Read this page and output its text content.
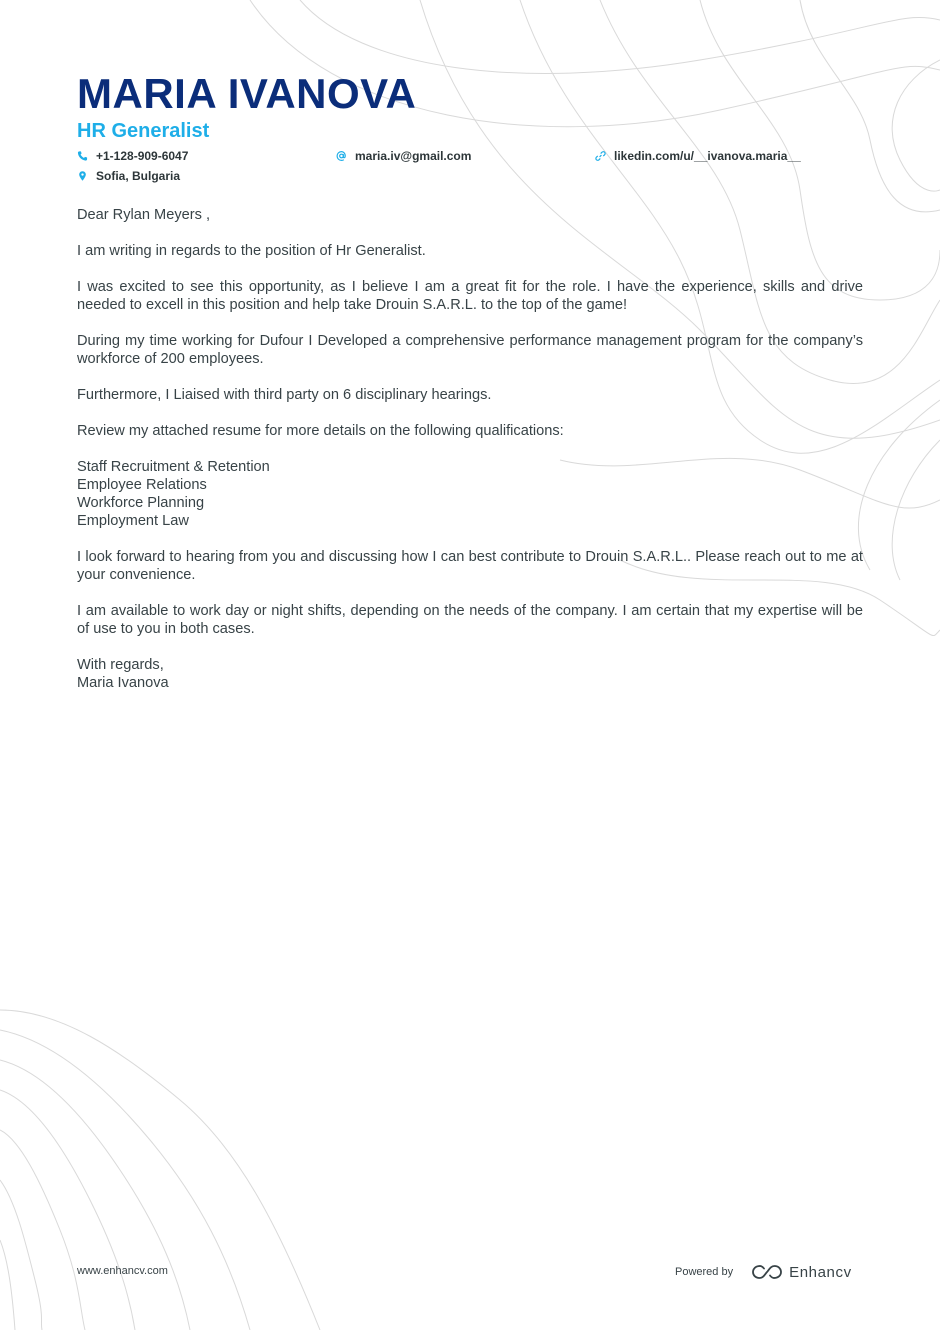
MARIA IVANOVA
HR Generalist
+1-128-909-6047
Sofia, Bulgaria
maria.iv@gmail.com	likedin.com/u/__ivanova.maria__

Dear Rylan Meyers ,

I am writing in regards to the position of Hr Generalist.

I was excited to see this opportunity, as I believe I am a great fit for the role. I have the experience, skills and drive needed to excell in this position and help take Drouin S.A.R.L. to the top of the game!

During my time working for Dufour I Developed a comprehensive performance management program for the company’s workforce of 200 employees.

Furthermore, I Liaised with third party on 6 disciplinary hearings.

Review my attached resume for more details on the following qualifications:

Staff Recruitment & Retention
Employee Relations
Workforce Planning
Employment Law

I look forward to hearing from you and discussing how I can best contribute to Drouin S.A.R.L.. Please reach out to me at your convenience.

I am available to work day or night shifts, depending on the needs of the company. I am certain that my expertise will be of use to you in both cases.

With regards,
Maria Ivanova
www.enhancv.com	Powered by	Enhancv
